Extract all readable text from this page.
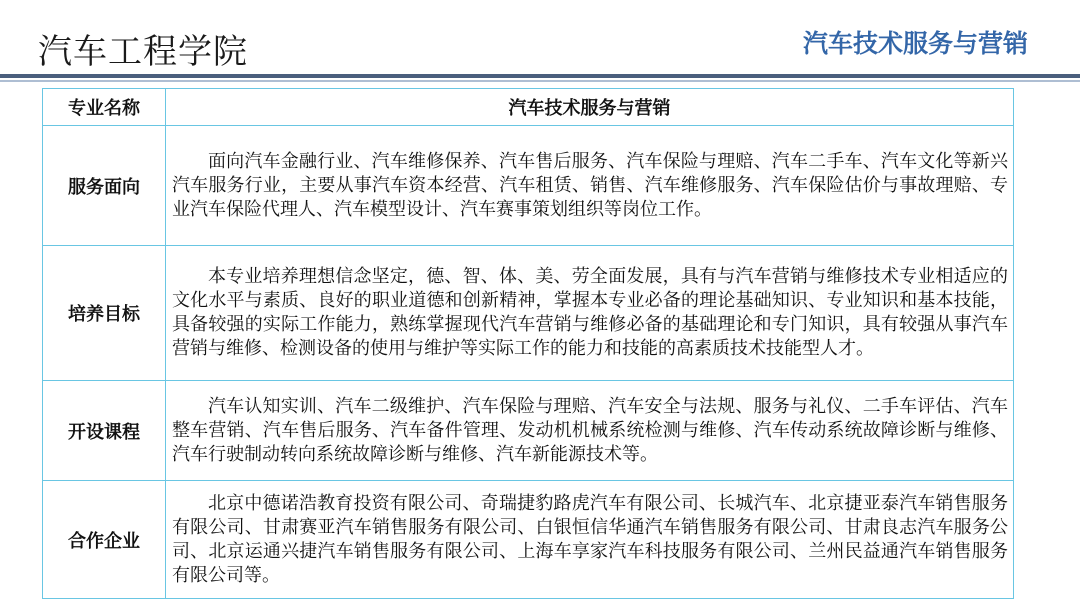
汽车工程学院	汽车技术服务与营销
专业名称	汽车技术服务与营销
服务面向	面向汽车金融行业、汽车维修保养、汽车售后服务、汽车保险与理赔、汽车二手车、汽车文化等新兴汽车服务行业，主要从事汽车资本经营、汽车租赁、销售、汽车维修服务、汽车保险估价与事故理赔、专业汽车保险代理人、汽车模型设计、汽车赛事策划组织等岗位工作。

培养目标	本专业培养理想信念坚定，德、智、体、美、劳全面发展，具有与汽车营销与维修技术专业相适应的文化水平与素质、良好的职业道德和创新精神，掌握本专业必备的理论基础知识、专业知识和基本技能，具备较强的实际工作能力，熟练掌握现代汽车营销与维修必备的基础理论和专门知识，具有较强从事汽车营销与维修、检测设备的使用与维护等实际工作的能力和技能的高素质技术技能型人才。

开设课程	汽车认知实训、汽车二级维护、汽车保险与理赔、汽车安全与法规、服务与礼仪、二手车评估、汽车整车营销、汽车售后服务、汽车备件管理、发动机机械系统检测与维修、汽车传动系统故障诊断与维修、汽车行驶制动转向系统故障诊断与维修、汽车新能源技术等。

合作企业	北京中德诺浩教育投资有限公司、奇瑞捷豹路虎汽车有限公司、长城汽车、北京捷亚泰汽车销售服务有限公司、甘肃赛亚汽车销售服务有限公司、白银恒信华通汽车销售服务有限公司、甘肃良志汽车服务公司、北京运通兴捷汽车销售服务有限公司、上海车享家汽车科技服务有限公司、兰州民益通汽车销售服务有限公司等。
